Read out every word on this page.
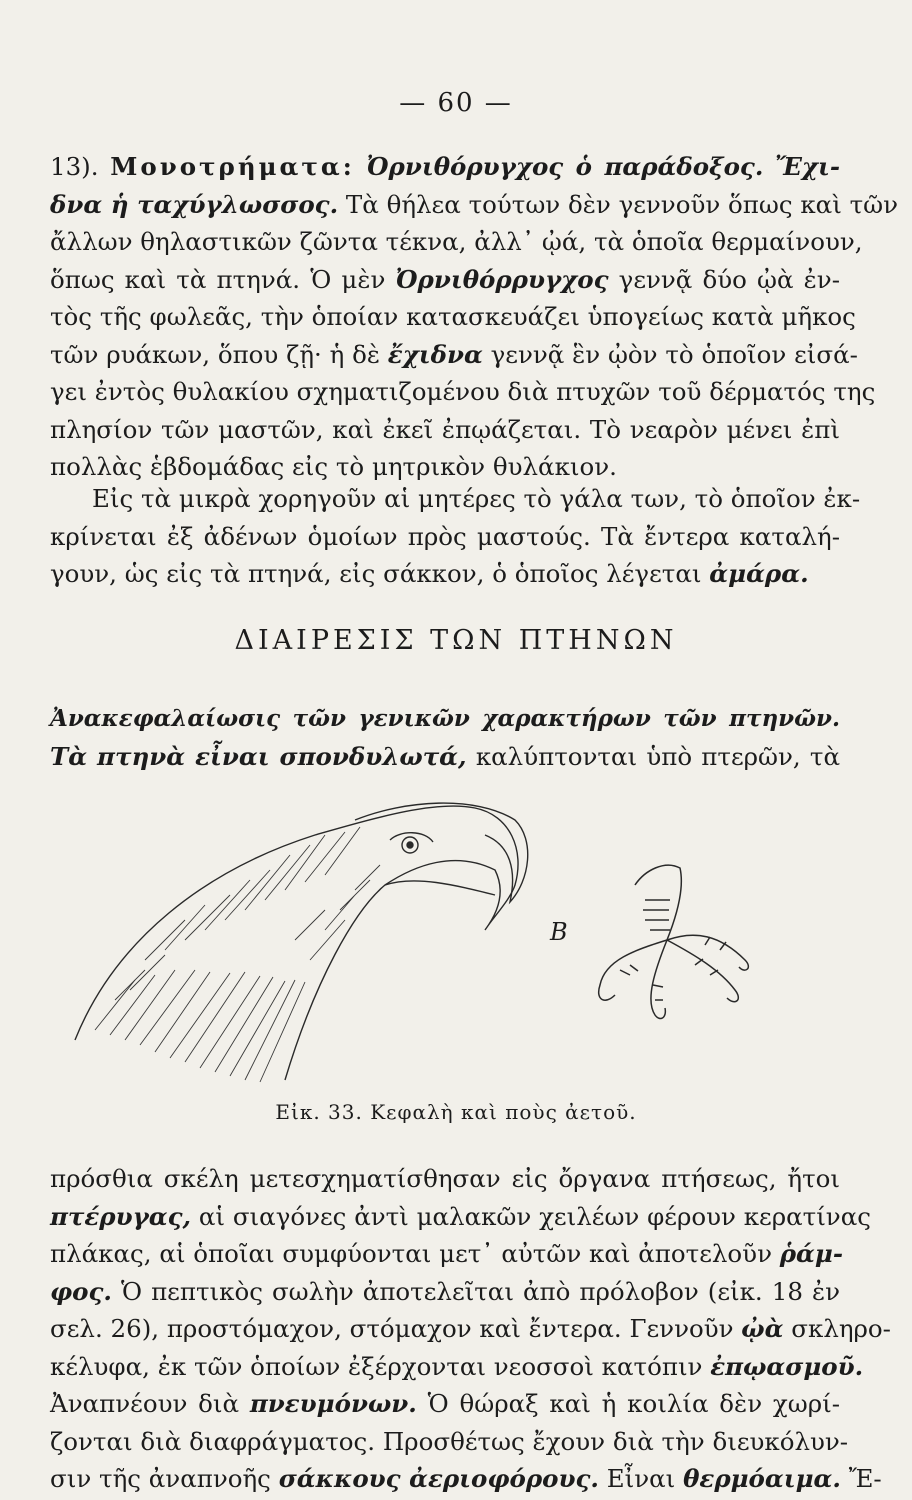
— 60 —
13). Μονοτρήματα: Ὀρνιθόρυγχος ὁ παράδοξος. Ἔχι-
δνα ἡ ταχύγλωσσος. Τὰ θήλεα τούτων δὲν γεννοῦν ὅπως καὶ τῶν
ἄλλων θηλαστικῶν ζῶντα τέκνα, ἀλλ᾽ ᾠά, τὰ ὁποῖα θερμαίνουν,
ὅπως καὶ τὰ πτηνά. Ὁ μὲν Ὀρνιθόρρυγχος γεννᾷ δύο ᾠὰ ἐν-
τὸς τῆς φωλεᾶς, τὴν ὁποίαν κατασκευάζει ὑπογείως κατὰ μῆκος
τῶν ρυάκων, ὅπου ζῇ· ἡ δὲ ἔχιδνα γεννᾷ ἓν ᾠὸν τὸ ὁποῖον εἰσά-
γει ἐντὸς θυλακίου σχηματιζομένου διὰ πτυχῶν τοῦ δέρματός της
πλησίον τῶν μαστῶν, καὶ ἐκεῖ ἐπῳάζεται. Τὸ νεαρὸν μένει ἐπὶ
πολλὰς ἑβδομάδας εἰς τὸ μητρικὸν θυλάκιον.
Εἰς τὰ μικρὰ χορηγοῦν αἱ μητέρες τὸ γάλα των, τὸ ὁποῖον ἐκ-
κρίνεται ἐξ ἀδένων ὁμοίων πρὸς μαστούς. Τὰ ἔντερα καταλή-
γουν, ὡς εἰς τὰ πτηνά, εἰς σάκκον, ὁ ὁποῖος λέγεται ἀμάρα.
ΔΙΑΙΡΕΣΙΣ ΤΩΝ ΠΤΗΝΩΝ
Ἀνακεφαλαίωσις τῶν γενικῶν χαρακτήρων τῶν πτηνῶν.
Τὰ πτηνὰ εἶναι σπονδυλωτά, καλύπτονται ὑπὸ πτερῶν, τὰ
B
Εἰκ. 33. Κεφαλὴ καὶ ποὺς ἀετοῦ.
πρόσθια σκέλη μετεσχηματίσθησαν εἰς ὄργανα πτήσεως, ἤτοι
πτέρυγας, αἱ σιαγόνες ἀντὶ μαλακῶν χειλέων φέρουν κερατίνας
πλάκας, αἱ ὁποῖαι συμφύονται μετ᾽ αὐτῶν καὶ ἀποτελοῦν ῥάμ-
φος. Ὁ πεπτικὸς σωλὴν ἀποτελεῖται ἀπὸ πρόλοβον (εἰκ. 18 ἐν
σελ. 26), προστόμαχον, στόμαχον καὶ ἔντερα. Γεννοῦν ᾠὰ σκληρο-
κέλυφα, ἐκ τῶν ὁποίων ἐξέρχονται νεοσσοὶ κατόπιν ἐπῳασμοῦ.
Ἀναπνέουν διὰ πνευμόνων. Ὁ θώραξ καὶ ἡ κοιλία δὲν χωρί-
ζονται διὰ διαφράγματος. Προσθέτως ἔχουν διὰ τὴν διευκόλυν-
σιν τῆς ἀναπνοῆς σάκκους ἀεριοφόρους. Εἶναι θερμόαιμα. Ἔ-
